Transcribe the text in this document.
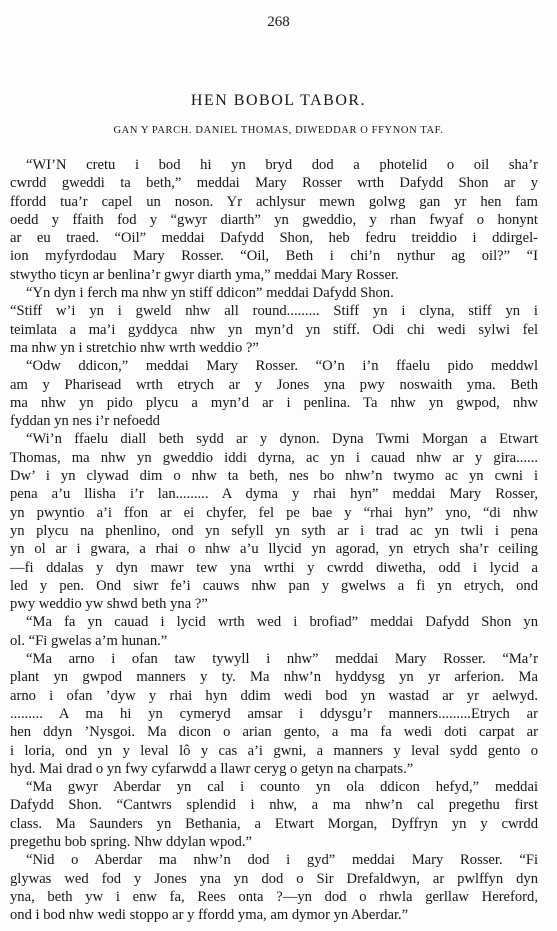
268
HEN BOBOL TABOR.
GAN Y PARCH. DANIEL THOMAS, DIWEDDAR O FFYNON TAF.
“WI’N cretu i bod hi yn bryd dod a photelid o oil sha’r
cwrdd gweddi ta beth,” meddai Mary Rosser wrth Dafydd Shon ar y
ffordd tua’r capel un noson. Yr achlysur mewn golwg gan yr hen fam
oedd y ffaith fod y “gwyr diarth” yn gweddio, y rhan fwyaf o honynt
ar eu traed. “Oil” meddai Dafydd Shon, heb fedru treiddio i ddirgel-
ion myfyrdodau Mary Rosser. “Oil, Beth i chi’n nythur ag oil?” “I
stwytho ticyn ar benlina’r gwyr diarth yma,” meddai Mary Rosser.
“Yn dyn i ferch ma nhw yn stiff ddicon” meddai Dafydd Shon.
“Stiff w’i yn i gweld nhw all round......... Stiff yn i clyna, stiff yn i
teimlata a ma’i gyddyca nhw yn myn’d yn stiff. Odi chi wedi sylwi fel
ma nhw yn i stretchio nhw wrth weddio ?”
“Odw ddicon,” meddai Mary Rosser. “O’n i’n ffaelu pido meddwl
am y Pharisead wrth etrych ar y Jones yna pwy noswaith yma. Beth
ma nhw yn pido plycu a myn’d ar i penlina. Ta nhw yn gwpod, nhw
fyddan yn nes i’r nefoedd
“Wi’n ffaelu diall beth sydd ar y dynon. Dyna Twmi Morgan a Etwart
Thomas, ma nhw yn gweddio iddi dyrna, ac yn i cauad nhw ar y gira......
Dw’ i yn clywad dim o nhw ta beth, nes bo nhw’n twymo ac yn cwni i
pena a’u llisha i’r lan......... A dyma y rhai hyn” meddai Mary Rosser,
yn pwyntio a’i ffon ar ei chyfer, fel pe bae y “rhai hyn” yno, “di nhw
yn plycu na phenlino, ond yn sefyll yn syth ar i trad ac yn twli i pena
yn ol ar i gwara, a rhai o nhw a’u llycid yn agorad, yn etrych sha’r ceiling
—fi ddalas y dyn mawr tew yna wrthi y cwrdd diwetha, odd i lycid a
led y pen. Ond siwr fe’i cauws nhw pan y gwelws a fi yn etrych, ond
pwy weddio yw shwd beth yna ?”
“Ma fa yn cauad i lycid wrth wed i brofiad” meddai Dafydd Shon yn
ol. “Fi gwelas a’m hunan.”
“Ma arno i ofan taw tywyll i nhw” meddai Mary Rosser. “Ma’r
plant yn gwpod manners y ty. Ma nhw’n hyddysg yn yr arferion. Ma
arno i ofan ’dyw y rhai hyn ddim wedi bod yn wastad ar yr aelwyd.
......... A ma hi yn cymeryd amsar i ddysgu’r manners.........Etrych ar
hen ddyn ’Nysgoi. Ma dicon o arian gento, a ma fa wedi doti carpat ar
i loria, ond yn y leval lô y cas a’i gwni, a manners y leval sydd gento o
hyd. Mai drad o yn fwy cyfarwdd a llawr ceryg o getyn na charpats.”
“Ma gwyr Aberdar yn cal i counto yn ola ddicon hefyd,” meddai
Dafydd Shon. “Cantwrs splendid i nhw, a ma nhw’n cal pregethu first
class. Ma Saunders yn Bethania, a Etwart Morgan, Dyffryn yn y cwrdd
pregethu bob spring. Nhw ddylan wpod.”
“Nid o Aberdar ma nhw’n dod i gyd” meddai Mary Rosser. “Fi
glywas wed fod y Jones yna yn dod o Sir Drefaldwyn, ar pwlffyn dyn
yna, beth yw i enw fa, Rees onta ?—yn dod o rhwla gerllaw Hereford,
ond i bod nhw wedi stoppo ar y ffordd yma, am dymor yn Aberdar.”
